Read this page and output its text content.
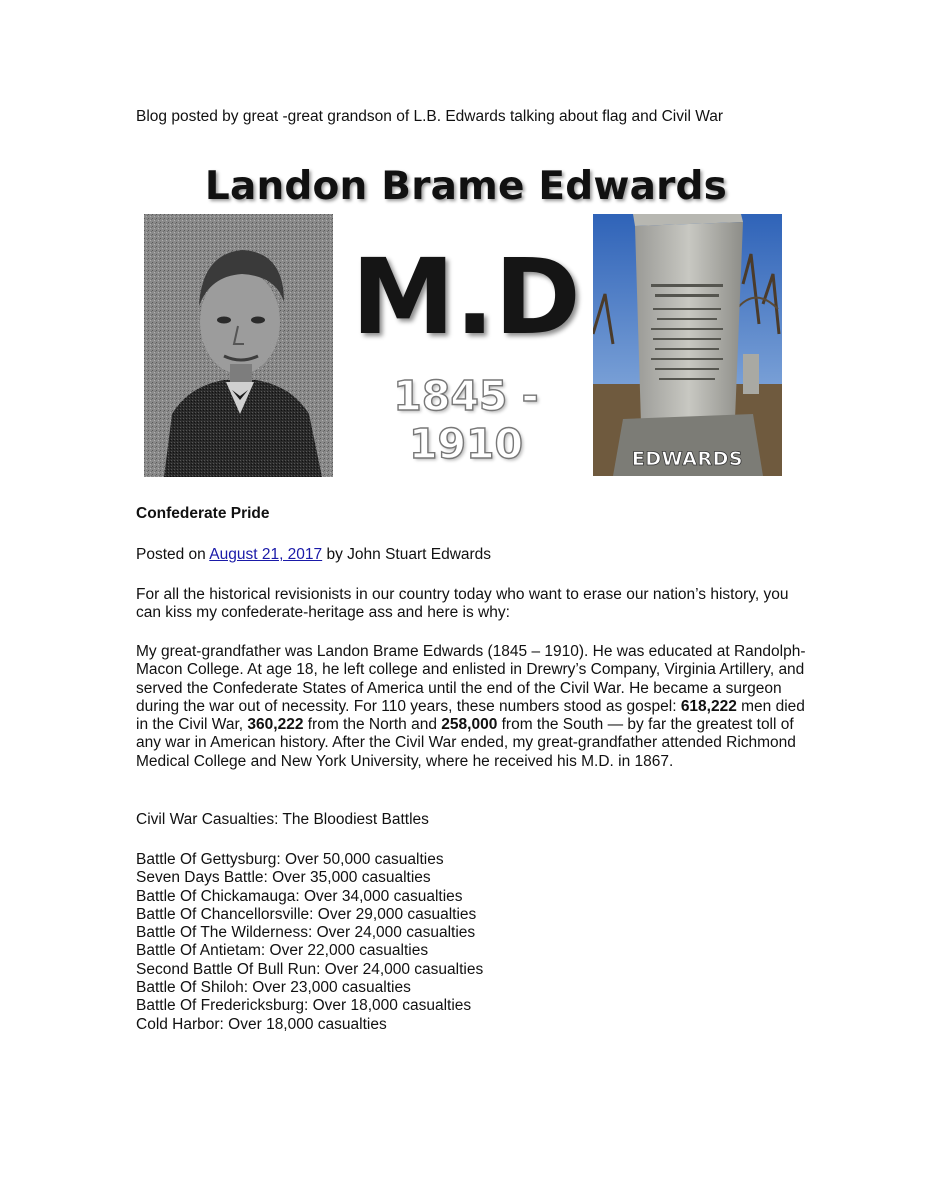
Blog posted by great -great grandson of L.B. Edwards talking about flag and Civil War

Landon Brame Edwards
M.D
1845 - 1910	EDWARDS

Confederate Pride

Posted on August 21, 2017 by John Stuart Edwards

For all the historical revisionists in our country today who want to erase our nation’s history, you can kiss my confederate-heritage ass and here is why:

My great-grandfather was Landon Brame Edwards (1845 – 1910). He was educated at Randolph-Macon College. At age 18, he left college and enlisted in Drewry’s Company, Virginia Artillery, and served the Confederate States of America until the end of the Civil War. He became a surgeon during the war out of necessity. For 110 years, these numbers stood as gospel: 618,222 men died in the Civil War, 360,222 from the North and 258,000 from the South — by far the greatest toll of any war in American history. After the Civil War ended, my great-grandfather attended Richmond Medical College and New York University, where he received his M.D. in 1867.

Civil War Casualties: The Bloodiest Battles

Battle Of Gettysburg: Over 50,000 casualties
Seven Days Battle: Over 35,000 casualties
Battle Of Chickamauga: Over 34,000 casualties
Battle Of Chancellorsville: Over 29,000 casualties
Battle Of The Wilderness: Over 24,000 casualties
Battle Of Antietam: Over 22,000 casualties
Second Battle Of Bull Run: Over 24,000 casualties
Battle Of Shiloh: Over 23,000 casualties
Battle Of Fredericksburg: Over 18,000 casualties
Cold Harbor: Over 18,000 casualties
